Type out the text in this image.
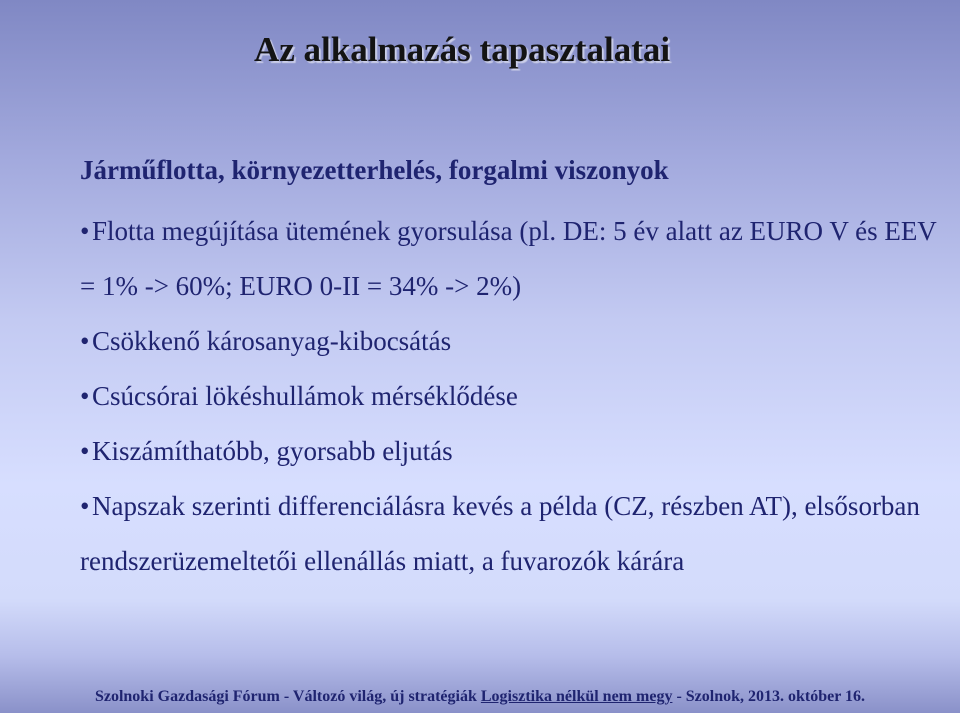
Az alkalmazás tapasztalatai
Járműflotta, környezetterhelés, forgalmi viszonyok
•Flotta megújítása ütemének gyorsulása (pl. DE: 5 év alatt az EURO V és EEV = 1% -> 60%; EURO 0-II = 34% -> 2%)
•Csökkenő károsanyag-kibocsátás
•Csúcsórai lökéshullámok mérséklődése
•Kiszámíthatóbb, gyorsabb eljutás
•Napszak szerinti differenciálásra kevés a példa (CZ, részben AT), elsősorban rendszerüzemeltetői ellenállás miatt, a fuvarozók kárára
Szolnoki Gazdasági Fórum - Változó világ, új stratégiák Logisztika nélkül nem megy - Szolnok, 2013. október 16.
